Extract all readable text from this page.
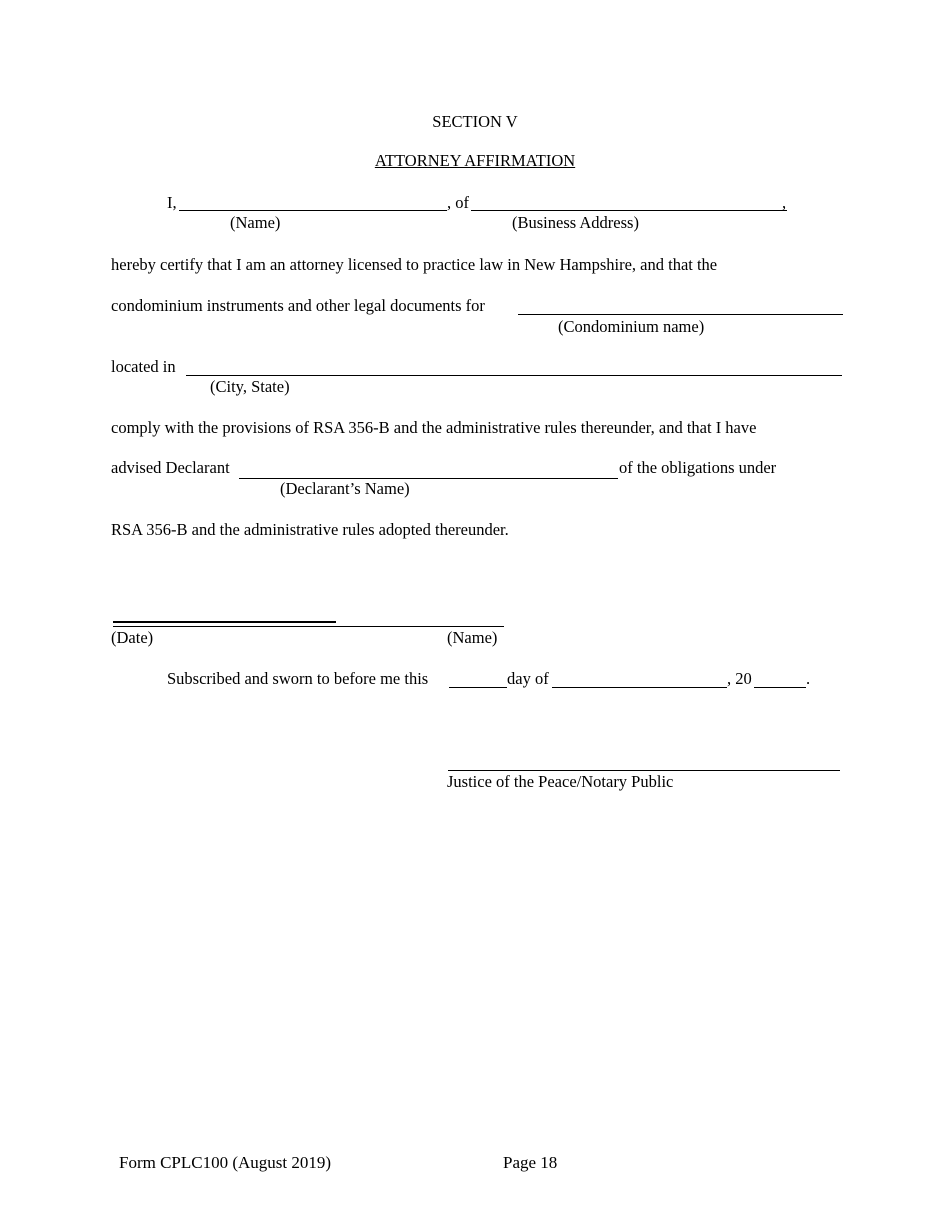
SECTION V
ATTORNEY AFFIRMATION
I,	, of	,
(Name)	(Business Address)
hereby certify that I am an attorney licensed to practice law in New Hampshire, and that the
condominium instruments and other legal documents for
(Condominium name)
located in
(City, State)
comply with the provisions of RSA 356-B and the administrative rules thereunder, and that I have
advised Declarant	of the obligations under
(Declarant’s Name)
RSA 356-B and the administrative rules adopted thereunder.
(Date)	(Name)
Subscribed and sworn to before me this	day of	, 20	.
Justice of the Peace/Notary Public
Form CPLC100 (August 2019)	Page 18
